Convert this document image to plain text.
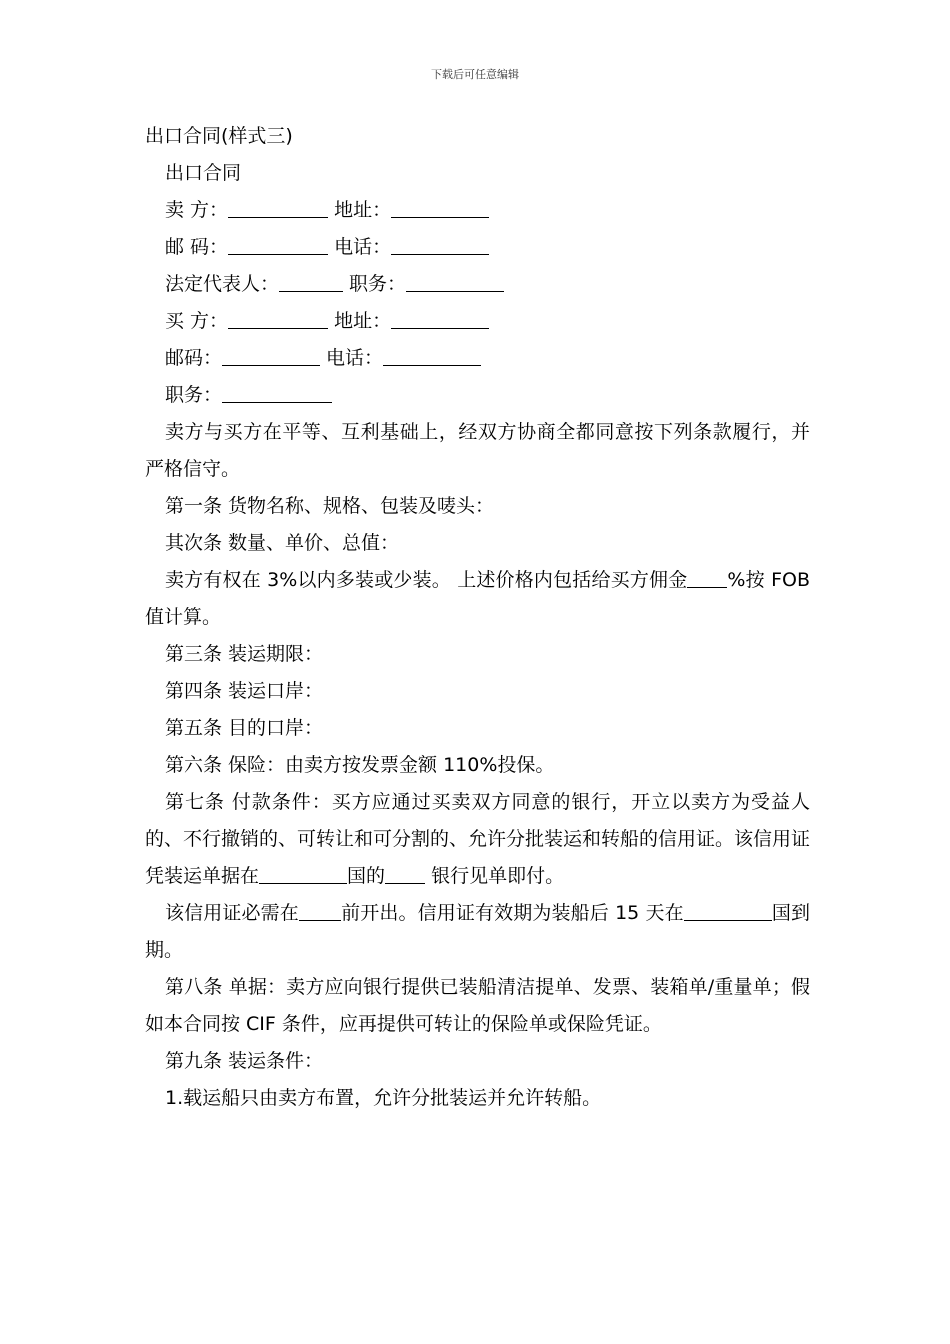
下载后可任意编辑

出口合同(样式三)

出口合同

卖 方：	地址：

邮 码：	电话：

法定代表人：	职务：

买 方：	地址：

邮码：	电话：

职务：

卖方与买方在平等、互利基础上，经双方协商全都同意按下列条款履行，并严格信守。

第一条 货物名称、规格、包装及唛头：

其次条 数量、单价、总值：

卖方有权在 3%以内多装或少装。 上述价格内包括给买方佣金 %按 FOB 值计算。

第三条 装运期限：

第四条 装运口岸：

第五条 目的口岸：

第六条 保险：由卖方按发票金额 110%投保。

第七条 付款条件：买方应通过买卖双方同意的银行，开立以卖方为受益人的、不行撤销的、可转让和可分割的、允许分批装运和转船的信用证。该信用证凭装运单据在	国的 银行见单即付。

该信用证必需在 前开出。信用证有效期为装船后 15 天在	国到期。

第八条 单据：卖方应向银行提供已装船清洁提单、发票、装箱单/重量单；假如本合同按 CIF 条件，应再提供可转让的保险单或保险凭证。

第九条 装运条件：

1.载运船只由卖方布置，允许分批装运并允许转船。
